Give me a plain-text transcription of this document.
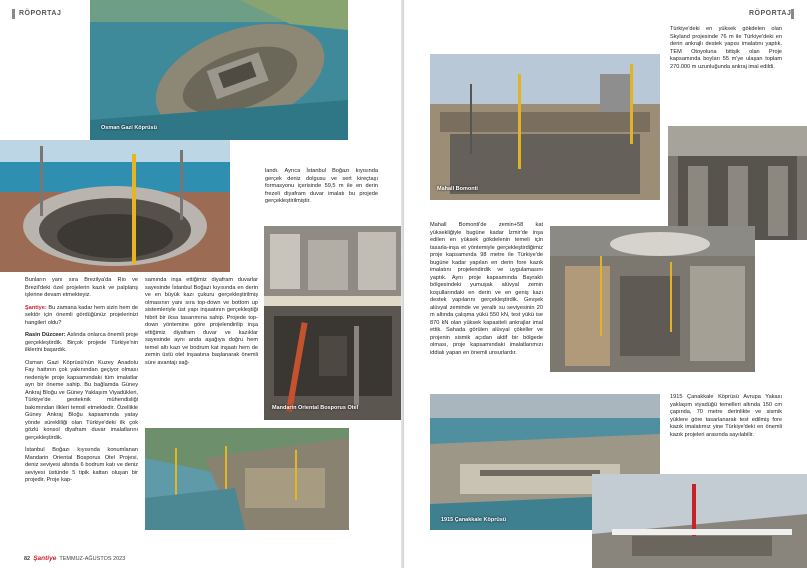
RÖPORTAJ
Osman Gazi Köprüsü

Bunların yanı sıra Brezilya'da Rio ve Brezil'deki özel projelerin kazık ve palplanş işlerine devam etmekteyiz.

Şantiye: Bu zamana kadar hem sizin hem de sektör için önemli gördüğünüz projelerinizi hangileri oldu?

Rasin Düzceer: Aslında onlarca önemli proje gerçekleştirdik. Birçok projede Türkiye'nin ilklerini başardık.

Osman Gazi Köprüsü'nün Kuzey Anadolu Fay hattının çok yakınından geçiyor olması nedeniyle proje kapsamındaki tüm imalatlar ayrı bir öneme sahip. Bu bağlamda Güney Ankraj Bloğu ve Güney Yaklaşım Viyadükleri, Türkiye'de geoteknik mühendisliği bakımından ilkleri temsil etmektedir. Özellikle Güney Ankraj Bloğu kapsamında yatay yönde sürekliliği olan Türkiye'deki ilk çok gözlü konsol diyafram duvar imalatlarını gerçekleştirdik.

İstanbul Boğazı kıyısında konumlanan Mandarin Oriental Bosporus Otel Projesi, deniz seviyesi altında 6 bodrum katı ve deniz seviyesi üstünde 5 tipik kattan oluşan bir projedir. Proje kap-

samında inşa ettiğimiz diyafram duvarlar sayesinde İstanbul Boğazı kıyısında en derin ve en büyük kazı çukuru gerçekleştirilmiş olmasının yanı sıra top-down ve bottom up sistemleriyle üst yapı inşaatının gerçekleştiği hibrit bir iksa tasarımına sahip. Projede top-down yöntemine göre projelendirilip inşa ettiğimiz diyafram duvar ve kazıklar sayesinde aynı anda aşağıya doğru hem temel altı kazı ve bodrum kat inşaatı hem de zemin üstü otel inşaatına başlanarak önemli süre avantajı sağ-
landı. Ayrıca İstanbul Boğazı kıyısında gerçek deniz dolgusu ve sert kireçtaşı formasyonu içerisinde 59,5 m ile en derin frezeli diyafram duvar imalatı bu projede gerçekleştirilmiştir.
Mandarin Oriental Bosporus Otel
82 Şantiye TEMMUZ-AĞUSTOS 2023
RÖPORTAJ
Mahall Bomonti
Türkiye'deki en yüksek gökdelen olan Skyland projesinde 76 m ile Türkiye'deki en derin ankrajlı destek yapısı imalatını yaptık. TEM Otoyoluna bitişik olan Proje kapsamında boyları 55 m'ye ulaşan toplam 270.000 m uzunluğunda ankraj imal edildi.
Mahall Bomonti'de zemin+58 kat yüksekliğiyle bugüne kadar İzmir'de inşa edilen en yüksek gökdelenin temeli için tasarla-inşa et yöntemiyle gerçekleştirdiğimiz proje kapsamında 98 metre ile Türkiye'de bugüne kadar yapılan en derin fore kazık imalatını projelendirdik ve uygulamasını yaptık. Aynı proje kapsamında Bayraklı bölgesindeki yumuşak alüvyal zemin koşullarındaki en derin ve en geniş kazı destek yapılarını gerçekleştirdik. Gevşek alüvyal zeminde ve yeraltı su seviyesinin 20 m altında çalışma yükü 550 kN, test yükü ise 870 kN olan yüksek kapasiteli ankrajlar imal ettik. Sahada görülen alüvyal çökeller ve projenin sismik açıdan aktif bir bölgede olması, proje kapsamındaki imalatlarımızı iddialı yapan en önemli unsurlardır.
1915 Çanakkale Köprüsü Avrupa Yakası yaklaşım viyadüğü temelleri altında 150 cm çapında, 70 metre derinlikte ve sismik yüklere göre tasarlanarak test edilmiş fore kazık imalatımız yine Türkiye'deki en önemli kazık projeleri arasında sayılabilir.
1915 Çanakkale Köprüsü
